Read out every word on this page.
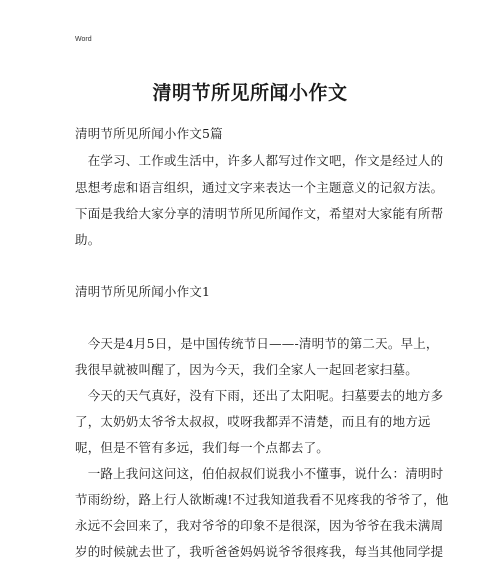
Word
清明节所见所闻小作文
清明节所见所闻小作文5篇
　在学习、工作或生活中，许多人都写过作文吧，作文是经过人的
思想考虑和语言组织，通过文字来表达一个主题意义的记叙方法。
下面是我给大家分享的清明节所见所闻作文，希望对大家能有所帮
助。
清明节所见所闻小作文1
　今天是4月5日，是中国传统节日——-清明节的第二天。早上，
我很早就被叫醒了，因为今天，我们全家人一起回老家扫墓。
　今天的天气真好，没有下雨，还出了太阳呢。扫墓要去的地方多
了，太奶奶太爷爷太叔叔，哎呀我都弄不清楚，而且有的地方远
呢，但是不管有多远，我们每一个点都去了。
　一路上我问这问这，伯伯叔叔们说我小不懂事，说什么：清明时
节雨纷纷，路上行人欲断魂!不过我知道我看不见疼我的爷爷了，他
永远不会回来了，我对爷爷的印象不是很深，因为爷爷在我未满周
岁的时候就去世了，我听爸爸妈妈说爷爷很疼我，每当其他同学提
